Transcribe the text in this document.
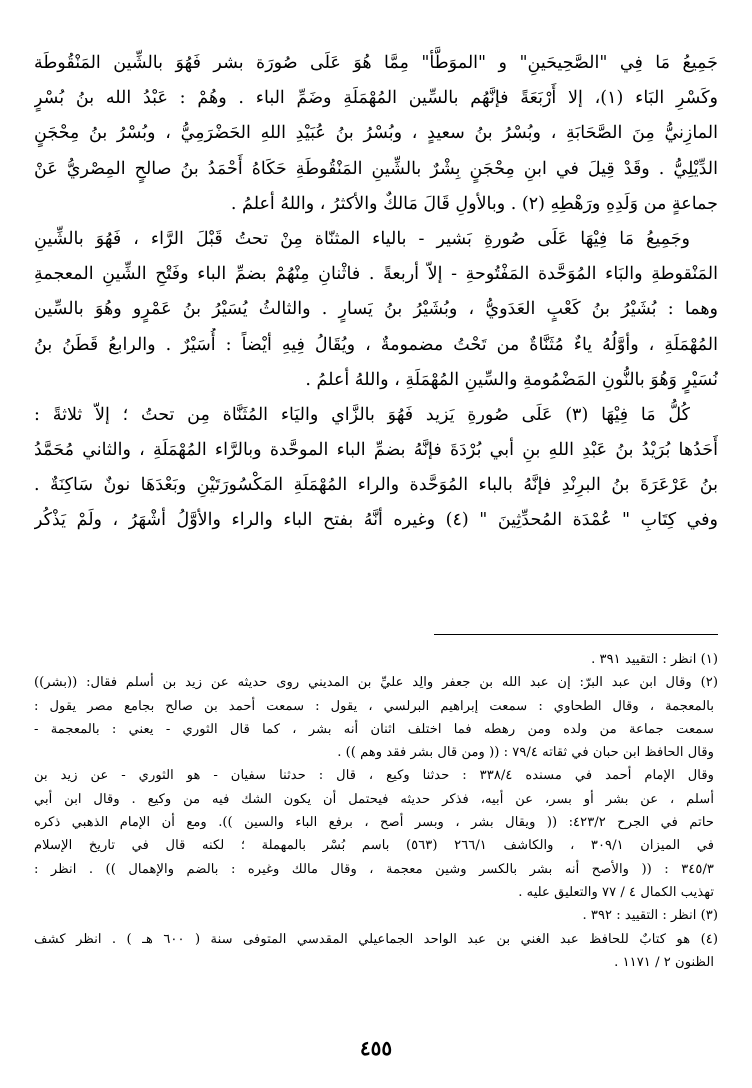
جَمِيعُ مَا فِي "الصَّحِيحَينِ" و "الموَطَّأ" مِمَّا هُوَ عَلَى صُورَة بشر فَهُوَ بالشِّين المَنْقُوطَة
وكَسْرِ البَاء (١)، إلا أَرْبَعَةً فإنَّهُم بالسِّين المُهْمَلَةِ وضَمِّ الباء . وهُمْ : عَبْدُ الله بنُ بُسْرٍ
المازِنيُّ مِنَ الصَّحَابَةِ ، وبُسْرُ بنُ سعيدٍ ، وبُسْرُ بنُ عُبَيْدِ اللهِ الحَضْرَمِيُّ ، وبُسْرُ بنُ مِحْجَنٍ
الدِّيْلِيُّ . وقَدْ قِيلَ في ابنِ مِحْجَنٍ بِشْرٌ بالشِّينِ المَنْقُوطَةِ حَكَاهُ أَحْمَدُ بنُ صالحٍ المِصْريُّ عَنْ
جماعةٍ من وَلَدِهِ ورَهْطِهِ (٢) . وبالأولِ قَالَ مَالكٌ والأكثرُ ، واللهُ أعلمُ .
وجَمِيعُ مَا فِيْهَا عَلَى صُورةِ بَشير - بالياء المثنّاة مِنْ تحتُ قَبْلَ الرَّاء ، فَهُوَ بالشِّينِ
المَنْقوطةِ والبَاء المُوَحَّدة المَفْتُوحةِ - إلاّ أربعةً . فاثْنانِ مِنْهُمْ بضمِّ الباء وفَتْحِ الشِّينِ المعجمةِ
وهما : بُشَيْرُ بنُ كَعْبٍ العَدَويُّ ، وبُشَيْرُ بنُ يَسارٍ . والثالثُ يُسَيْرُ بنُ عَمْرٍو وهُوَ بالسِّين
المُهْمَلَةِ ، وأوَّلُهُ ياءٌ مُثَنَّاةٌ من تَحْتُ مضمومةٌ ، ويُقَالُ فِيهِ أيْضاً : أُسَيْرٌ . والرابعُ قَطَنُ بنُ
نُسَيْرٍ وَهُوَ بالنُّونِ المَضْمُومةِ والسِّينِ المُهْمَلَةِ ، واللهُ أعلمُ .
كُلُّ مَا فِيْهَا (٣) عَلَى صُورةِ يَزيد فَهُوَ بالزَّاي واليَاء المُثَنَّاة مِن تحتُ ؛ إلاّ ثلاثةً :
أَحَدُها بُرَيْدُ بنُ عَبْدِ اللهِ بنِ أبي بُرْدَةَ فإنَّهُ بضمِّ الباء الموحَّدة وبالرَّاء المُهْمَلَةِ ، والثاني مُحَمَّدُ
بنُ عَرْعَرَةَ بنُ البرِنْدِ فإنَّهُ بالباء المُوَحَّدة والراء المُهْمَلَةِ المَكْسُورَتَيْنِ وبَعْدَهَا نونٌ سَاكِنَةٌ .
وفي كِتَابِ " عُمْدَة المُحدِّثِينَ " (٤) وغيره أنَّهُ بفتح الباء والراء والأوَّلُ أشْهَرُ ، ولَمْ يَذْكُر
(١) انظر : التقييد ٣٩١ .
(٢) وقال ابن عبد البرّ: إن عبد الله بن جعفر والِد عليِّ بن المديني روى حديثه عن زيد بن أسلم فقال: ((بشر))
بالمعجمة ، وقال الطحاوي : سمعت إبراهيم البرلسي ، يقول : سمعت أحمد بن صالح بجامع مصر يقول :
سمعت جماعة من ولده ومن رهطه فما اختلف اثنان أنه بشر ، كما قال الثوري - يعني : بالمعجمة -
وقال الحافظ ابن حبان في ثقاته ٧٩/٤ : (( ومن قال بشر فقد وهم )) .
وقال الإمام أحمد في مسنده ٣٣٨/٤ : حدثنا وكيع ، قال : حدثنا سفيان - هو الثوري - عن زيد بن
أسلم ، عن بشر أو بسر، عن أبيه، فذكر حديثه فيحتمل أن يكون الشك فيه من وكيع . وقال ابن أبي
حاتم في الجرح ٤٢٣/٢: (( ويقال بشر ، وبسر أصح ، برفع الباء والسين )). ومع أن الإمام الذهبي ذكره
في الميزان ٣٠٩/١ ، والكاشف ٢٦٦/١ (٥٦٣) باسم بُسْر بالمهملة ؛ لكنه قال في تاريخ الإسلام
٣٤٥/٣ : (( والأصح أنه بشر بالكسر وشين معجمة ، وقال مالك وغيره : بالضم والإهمال )) . انظر :
تهذيب الكمال ٤ / ٧٧ والتعليق عليه .
(٣) انظر : التقييد : ٣٩٢ .
(٤) هو كتابٌ للحافظ عبد الغني بن عبد الواحد الجماعيلي المقدسي المتوفى سنة ( ٦٠٠ هـ ) . انظر كشف
الظنون ٢ / ١١٧١ .
٤٥٥
